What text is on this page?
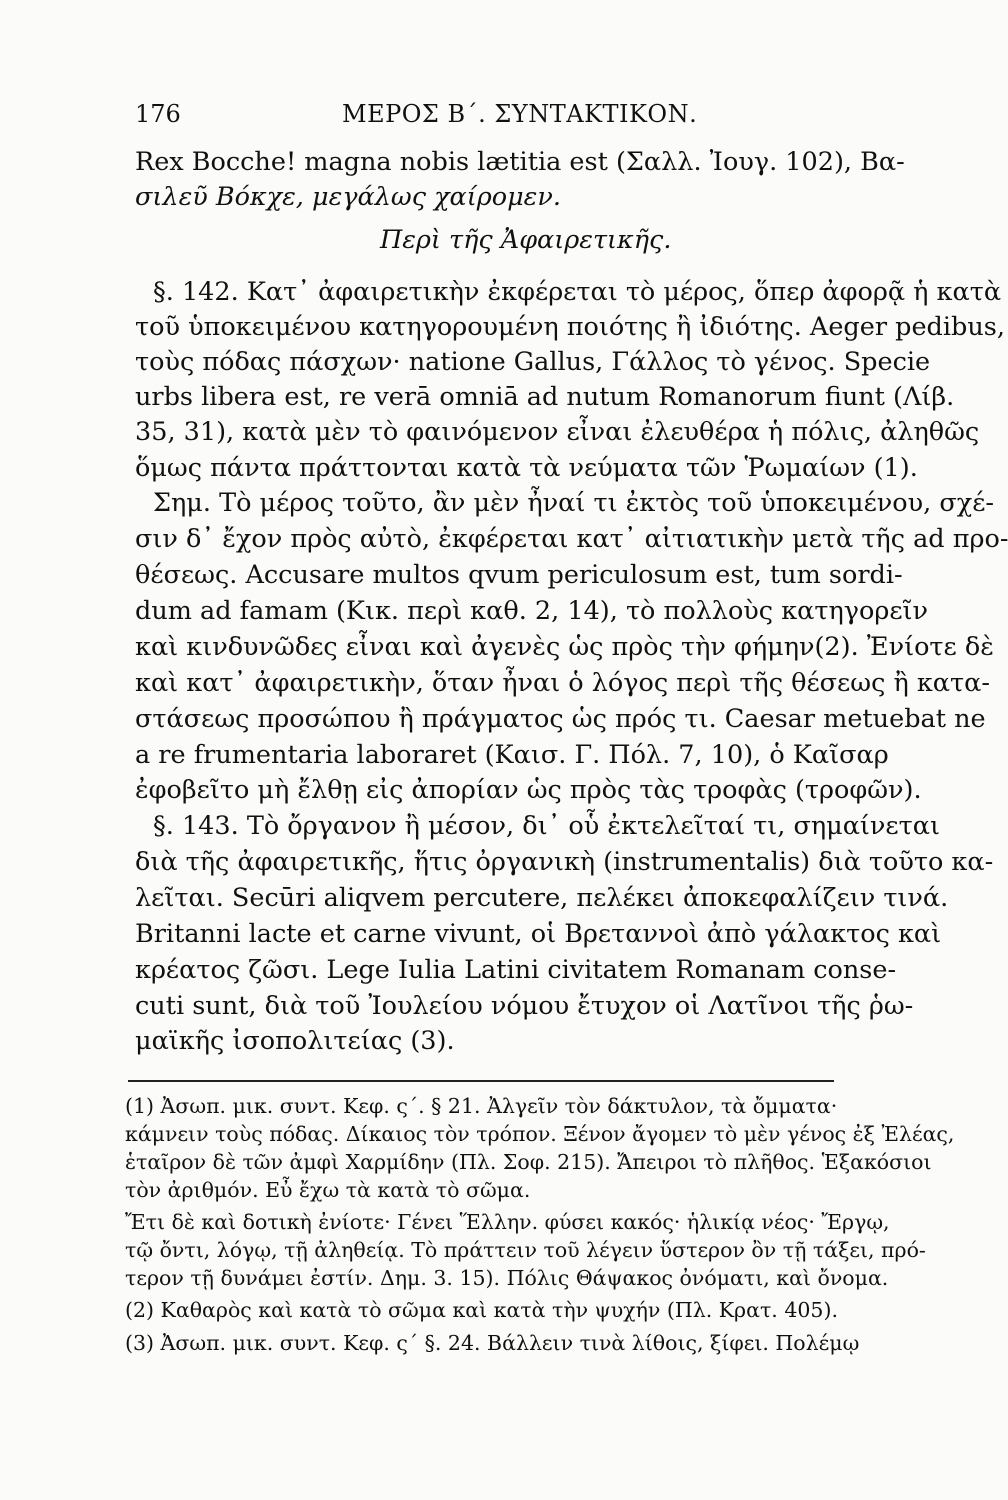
176	ΜΕΡΟΣ Β΄. ΣΥΝΤΑΚΤΙΚΟΝ.
Rex Bocche! magna nobis lætitia est (Σαλλ. Ἰουγ. 102), Βα-
σιλεῦ Βόκχε, μεγάλως χαίρομεν.
Περὶ τῆς Ἀφαιρετικῆς.
§. 142. Κατ᾽ ἀφαιρετικὴν ἐκφέρεται τὸ μέρος, ὅπερ ἀφορᾷ ἡ κατὰ
τοῦ ὑποκειμένου κατηγορουμένη ποιότης ἢ ἰδιότης. Aeger pedibus,
τοὺς πόδας πάσχων· natione Gallus, Γάλλος τὸ γένος. Specie
urbs libera est, re verā omniā ad nutum Romanorum fiunt (Λίβ.
35, 31), κατὰ μὲν τὸ φαινόμενον εἶναι ἐλευθέρα ἡ πόλις, ἀληθῶς
ὅμως πάντα πράττονται κατὰ τὰ νεύματα τῶν Ῥωμαίων (1).
Σημ. Τὸ μέρος τοῦτο, ἂν μὲν ἦναί τι ἐκτὸς τοῦ ὑποκειμένου, σχέ-
σιν δ᾽ ἔχον πρὸς αὐτὸ, ἐκφέρεται κατ᾽ αἰτιατικὴν μετὰ τῆς ad προ-
θέσεως. Accusare multos qvum periculosum est, tum sordi-
dum ad famam (Κικ. περὶ καθ. 2, 14), τὸ πολλοὺς κατηγορεῖν
καὶ κινδυνῶδες εἶναι καὶ ἀγενὲς ὡς πρὸς τὴν φήμην(2). Ἐνίοτε δὲ
καὶ κατ᾽ ἀφαιρετικὴν, ὅταν ἦναι ὁ λόγος περὶ τῆς θέσεως ἢ κατα-
στάσεως προσώπου ἢ πράγματος ὡς πρός τι. Caesar metuebat ne
a re frumentaria laboraret (Καισ. Γ. Πόλ. 7, 10), ὁ Καῖσαρ
ἐφοβεῖτο μὴ ἔλθῃ εἰς ἀπορίαν ὡς πρὸς τὰς τροφὰς (τροφῶν).
§. 143. Τὸ ὄργανον ἢ μέσον, δι᾽ οὗ ἐκτελεῖταί τι, σημαίνεται
διὰ τῆς ἀφαιρετικῆς, ἥτις ὀργανικὴ (instrumentalis) διὰ τοῦτο κα-
λεῖται. Secūri aliqvem percutere, πελέκει ἀποκεφαλίζειν τινά.
Britanni lacte et carne vivunt, οἱ Βρεταννοὶ ἀπὸ γάλακτος καὶ
κρέατος ζῶσι. Lege Iulia Latini civitatem Romanam conse-
cuti sunt, διὰ τοῦ Ἰουλείου νόμου ἔτυχον οἱ Λατῖνοι τῆς ῥω-
μαϊκῆς ἰσοπολιτείας (3).
(1) Ἀσωπ. μικ. συντ. Κεφ. ς΄. § 21. Ἀλγεῖν τὸν δάκτυλον, τὰ ὄμματα·
κάμνειν τοὺς πόδας. Δίκαιος τὸν τρόπον. Ξένον ἄγομεν τὸ μὲν γένος ἐξ Ἐλέας,
ἑταῖρον δὲ τῶν ἀμφὶ Χαρμίδην (Πλ. Σοφ. 215). Ἄπειροι τὸ πλῆθος. Ἑξακόσιοι
τὸν ἀριθμόν. Εὖ ἔχω τὰ κατὰ τὸ σῶμα.
Ἔτι δὲ καὶ δοτικὴ ἐνίοτε· Γένει Ἕλλην. φύσει κακός· ἡλικίᾳ νέος· Ἔργῳ,
τῷ ὄντι, λόγῳ, τῇ ἀληθείᾳ. Τὸ πράττειν τοῦ λέγειν ὕστερον ὂν τῇ τάξει, πρό-
τερον τῇ δυνάμει ἐστίν. Δημ. 3. 15). Πόλις Θάψακος ὀνόματι, καὶ ὄνομα.
(2) Καθαρὸς καὶ κατὰ τὸ σῶμα καὶ κατὰ τὴν ψυχήν (Πλ. Κρατ. 405).
(3) Ἀσωπ. μικ. συντ. Κεφ. ς΄ §. 24. Βάλλειν τινὰ λίθοις, ξίφει. Πολέμῳ
